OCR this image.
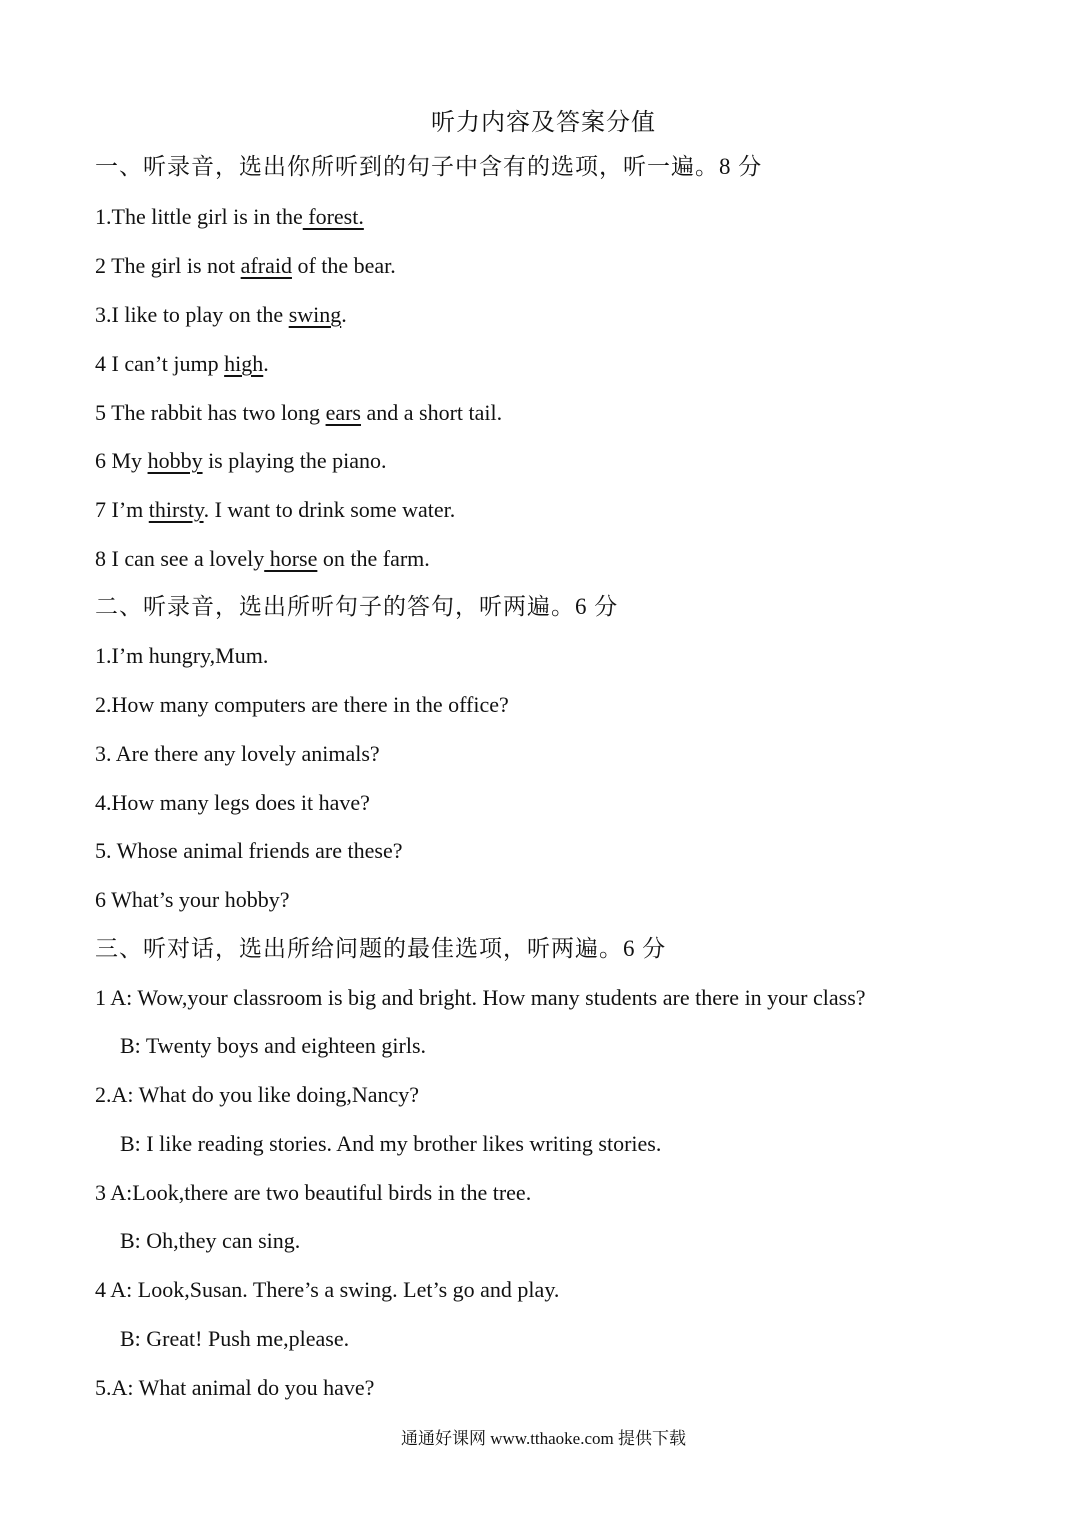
听力内容及答案分值
一、听录音，选出你所听到的句子中含有的选项，听一遍。8 分
1.The little girl is in the forest.
2 The girl is not afraid of the bear.
3.I like to play on the swing.
4 I can’t jump high.
5 The rabbit has two long ears and a short tail.
6 My hobby is playing the piano.
7 I’m thirsty. I want to drink some water.
8 I can see a lovely horse on the farm.
二、听录音，选出所听句子的答句，听两遍。6 分
1.I’m hungry,Mum.
2.How many computers are there in the office?
3. Are there any lovely animals?
4.How many legs does it have?
5. Whose animal friends are these?
6 What’s your hobby?
三、听对话，选出所给问题的最佳选项，听两遍。6 分
1 A: Wow,your classroom is big and bright. How many students are there in your class?
B: Twenty boys and eighteen girls.
2.A: What do you like doing,Nancy?
B: I like reading stories. And my brother likes writing stories.
3 A:Look,there are two beautiful birds in the tree.
B: Oh,they can sing.
4 A: Look,Susan. There’s a swing. Let’s go and play.
B: Great! Push me,please.
5.A: What animal do you have?
通通好课网 www.tthaoke.com 提供下载
